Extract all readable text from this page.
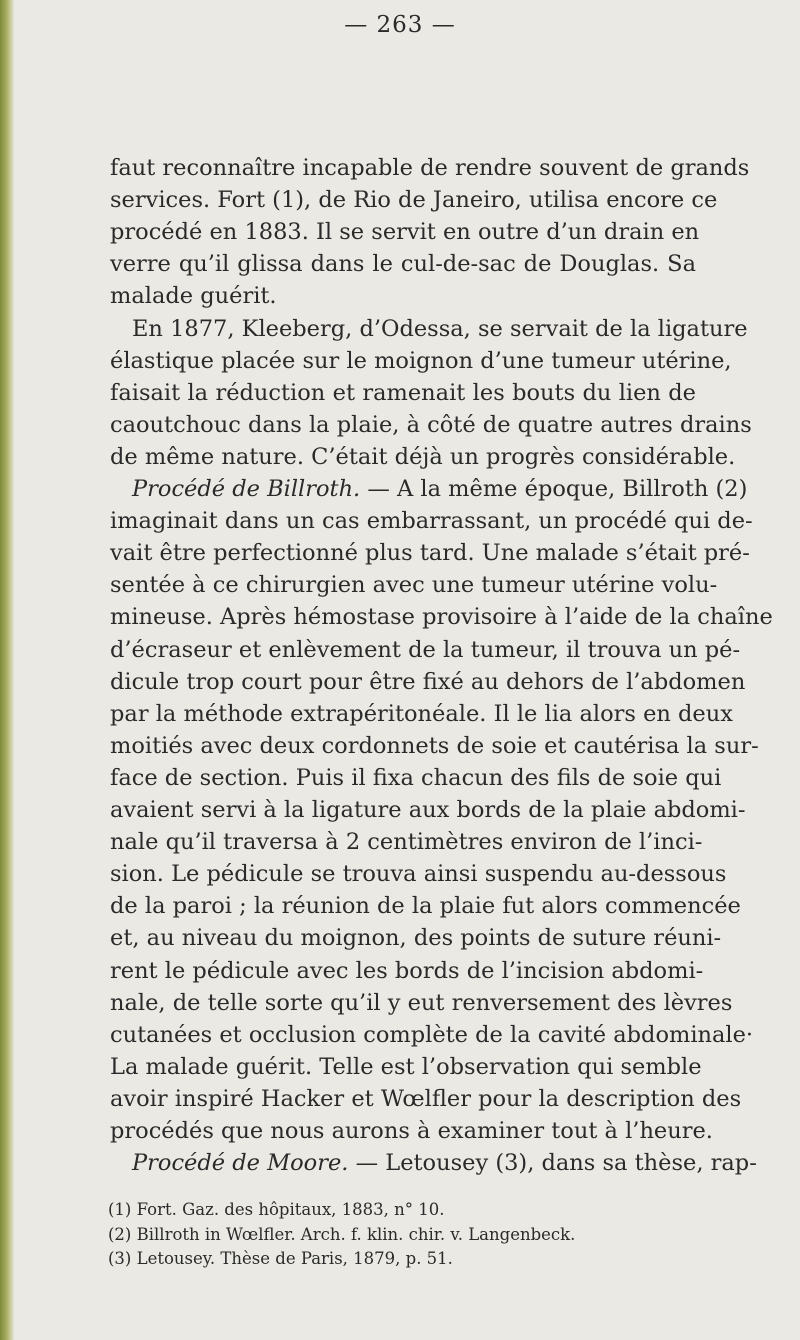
— 263 —
faut reconnaître incapable de rendre souvent de grands
services. Fort (1), de Rio de Janeiro, utilisa encore ce
procédé en 1883. Il se servit en outre d’un drain en
verre qu’il glissa dans le cul-de-sac de Douglas. Sa
malade guérit.
En 1877, Kleeberg, d’Odessa, se servait de la ligature
élastique placée sur le moignon d’une tumeur utérine,
faisait la réduction et ramenait les bouts du lien de
caoutchouc dans la plaie, à côté de quatre autres drains
de même nature. C’était déjà un progrès considérable.
Procédé de Billroth. — A la même époque, Billroth (2)
imaginait dans un cas embarrassant, un procédé qui de-
vait être perfectionné plus tard. Une malade s’était pré-
sentée à ce chirurgien avec une tumeur utérine volu-
mineuse. Après hémostase provisoire à l’aide de la chaîne
d’écraseur et enlèvement de la tumeur, il trouva un pé-
dicule trop court pour être fixé au dehors de l’abdomen
par la méthode extrapéritonéale. Il le lia alors en deux
moitiés avec deux cordonnets de soie et cautérisa la sur-
face de section. Puis il fixa chacun des fils de soie qui
avaient servi à la ligature aux bords de la plaie abdomi-
nale qu’il traversa à 2 centimètres environ de l’inci-
sion. Le pédicule se trouva ainsi suspendu au-dessous
de la paroi ; la réunion de la plaie fut alors commencée
et, au niveau du moignon, des points de suture réuni-
rent le pédicule avec les bords de l’incision abdomi-
nale, de telle sorte qu’il y eut renversement des lèvres
cutanées et occlusion complète de la cavité abdominale·
La malade guérit. Telle est l’observation qui semble
avoir inspiré Hacker et Wœlfler pour la description des
procédés que nous aurons à examiner tout à l’heure.
Procédé de Moore. — Letousey (3), dans sa thèse, rap-
(1) Fort. Gaz. des hôpitaux, 1883, n° 10.
(2) Billroth in Wœlfler. Arch. f. klin. chir. v. Langenbeck.
(3) Letousey. Thèse de Paris, 1879, p. 51.
